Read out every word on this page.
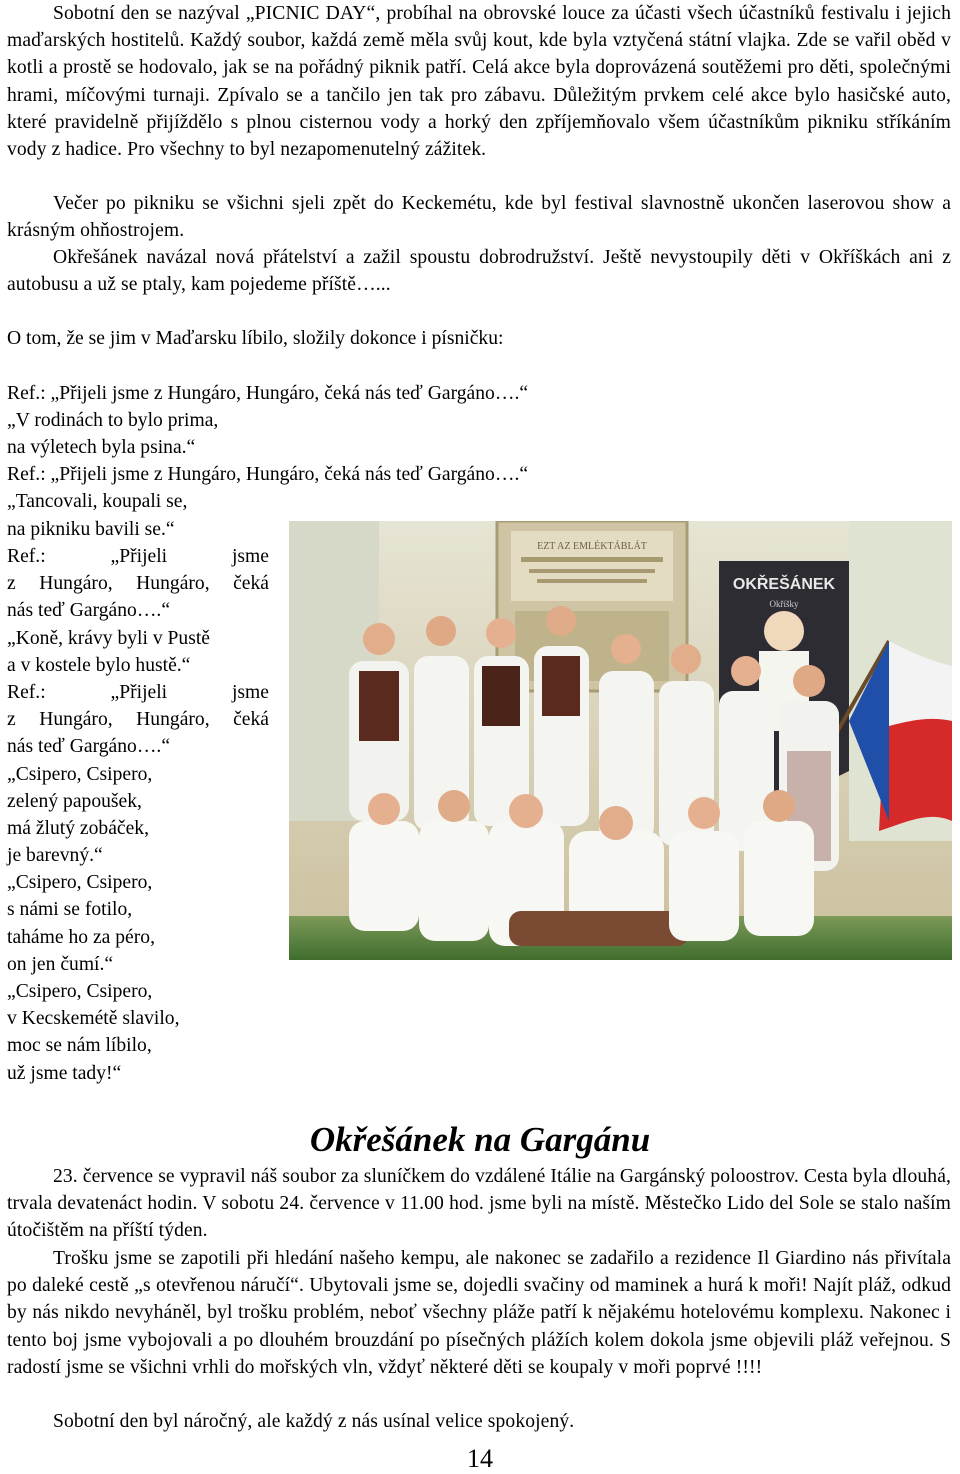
Sobotní den se nazýval „PICNIC DAY“, probíhal na obrovské louce za účasti všech účastníků festivalu i jejich maďarských hostitelů. Každý soubor, každá země měla svůj kout, kde byla vztyčená státní vlajka. Zde se vařil oběd v kotli a prostě se hodovalo, jak se na pořádný piknik patří. Celá akce byla doprovázená soutěžemi pro děti, společnými hrami, míčovými turnaji. Zpívalo se a tančilo jen tak pro zábavu. Důležitým prvkem celé akce bylo hasičské auto, které pravidelně přijíždělo s plnou cisternou vody a horký den zpříjemňovalo všem účastníkům pikniku stříkáním vody z hadice. Pro všechny to byl nezapomenutelný zážitek.

Večer po pikniku se všichni sjeli zpět do Keckemétu, kde byl festival slavnostně ukončen laserovou show a krásným ohňostrojem.

Okřešánek navázal nová přátelství a zažil spoustu dobrodružství. Ještě nevystoupily děti v Okříškách ani z autobusu a už se ptaly, kam pojedeme příště…...

O tom, že se jim v Maďarsku líbilo, složily dokonce i písničku:
Ref.: „Přijeli jsme z Hungáro, Hungáro, čeká nás teď Gargáno….“
„V rodinách to bylo prima,
na výletech byla psina.“
Ref.: „Přijeli jsme z Hungáro, Hungáro, čeká nás teď Gargáno….“
„Tancovali, koupali se,
na pikniku bavili se.“
Ref.: „Přijeli jsme
z Hungáro, Hungáro, čeká
nás teď Gargáno….“
„Koně, krávy byli v Pustě
a v kostele bylo hustě.“
Ref.: „Přijeli jsme
z Hungáro, Hungáro, čeká
nás teď Gargáno….“
„Csipero, Csipero,
zelený papoušek,
má žlutý zobáček,
je barevný.“
„Csipero, Csipero,
s námi se fotilo,
taháme ho za péro,
on jen čumí.“
„Csipero, Csipero,
v Kecskemétě slavilo,
moc se nám líbilo,
už jsme tady!“
EZT AZ EMLÉKTÁBLÁT
OKŘEŠÁNEK
Okříšky
Okřešánek na Gargánu

23. července se vypravil náš soubor za sluníčkem do vzdálené Itálie na Gargánský poloostrov. Cesta byla dlouhá, trvala devatenáct hodin. V sobotu 24. července v 11.00 hod. jsme byli na místě. Městečko Lido del Sole se stalo naším útočištěm na příští týden.

Trošku jsme se zapotili při hledání našeho kempu, ale nakonec se zadařilo a rezidence Il Giardino nás přivítala po daleké cestě „s otevřenou náručí“. Ubytovali jsme se, dojedli svačiny od maminek a hurá k moři! Najít pláž, odkud by nás nikdo nevyháněl, byl trošku problém, neboť všechny pláže patří k nějakému hotelovému komplexu. Nakonec i tento boj jsme vybojovali a po dlouhém brouzdání po písečných plážích kolem dokola jsme objevili pláž veřejnou. S radostí jsme se všichni vrhli do mořských vln, vždyť některé děti se koupaly v moři poprvé !!!!

Sobotní den byl náročný, ale každý z nás usínal velice spokojený.

14
